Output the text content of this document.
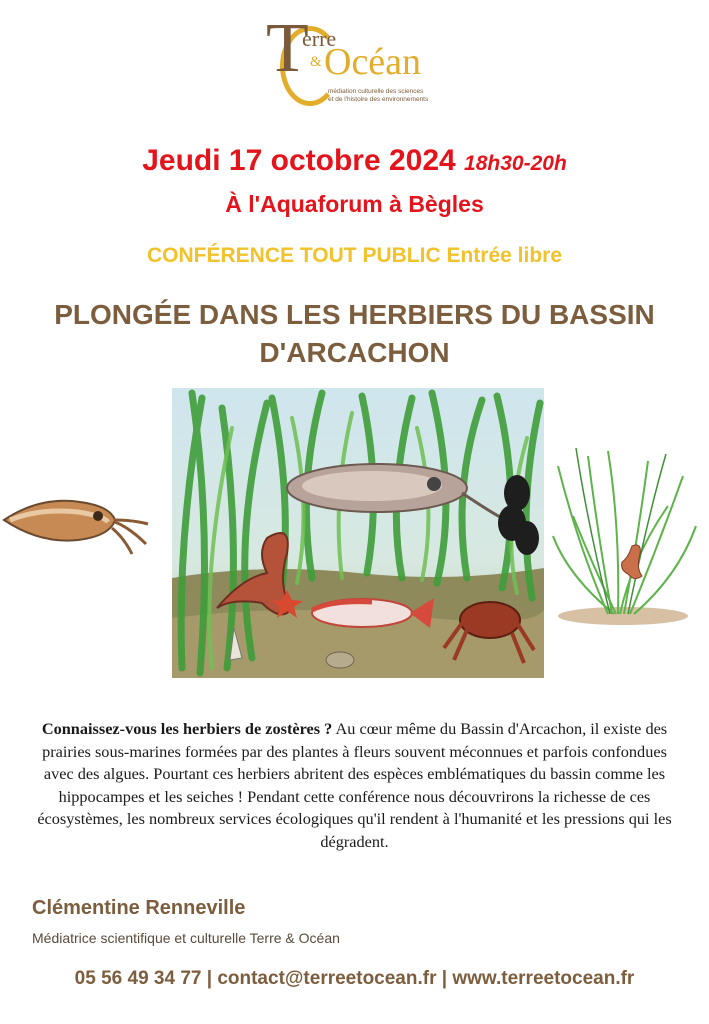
T
erre
& Océan
médiation culturelle des sciences
et de l'histoire des environnements
Jeudi 17 octobre 2024 18h30-20h
À l'Aquaforum à Bègles
CONFÉRENCE TOUT PUBLIC Entrée libre
PLONGÉE DANS LES HERBIERS DU BASSIN
D'ARCACHON
Connaissez-vous les herbiers de zostères ? Au cœur même du Bassin d'Arcachon, il existe des prairies sous-marines formées par des plantes à fleurs souvent méconnues et parfois confondues avec des algues. Pourtant ces herbiers abritent des espèces emblématiques du bassin comme les hippocampes et les seiches ! Pendant cette conférence nous découvrirons la richesse de ces écosystèmes, les nombreux services écologiques qu'il rendent à l'humanité et les pressions qui les dégradent.
Clémentine Renneville
Médiatrice scientifique et culturelle Terre & Océan
05 56 49 34 77 | contact@terreetocean.fr | www.terreetocean.fr
